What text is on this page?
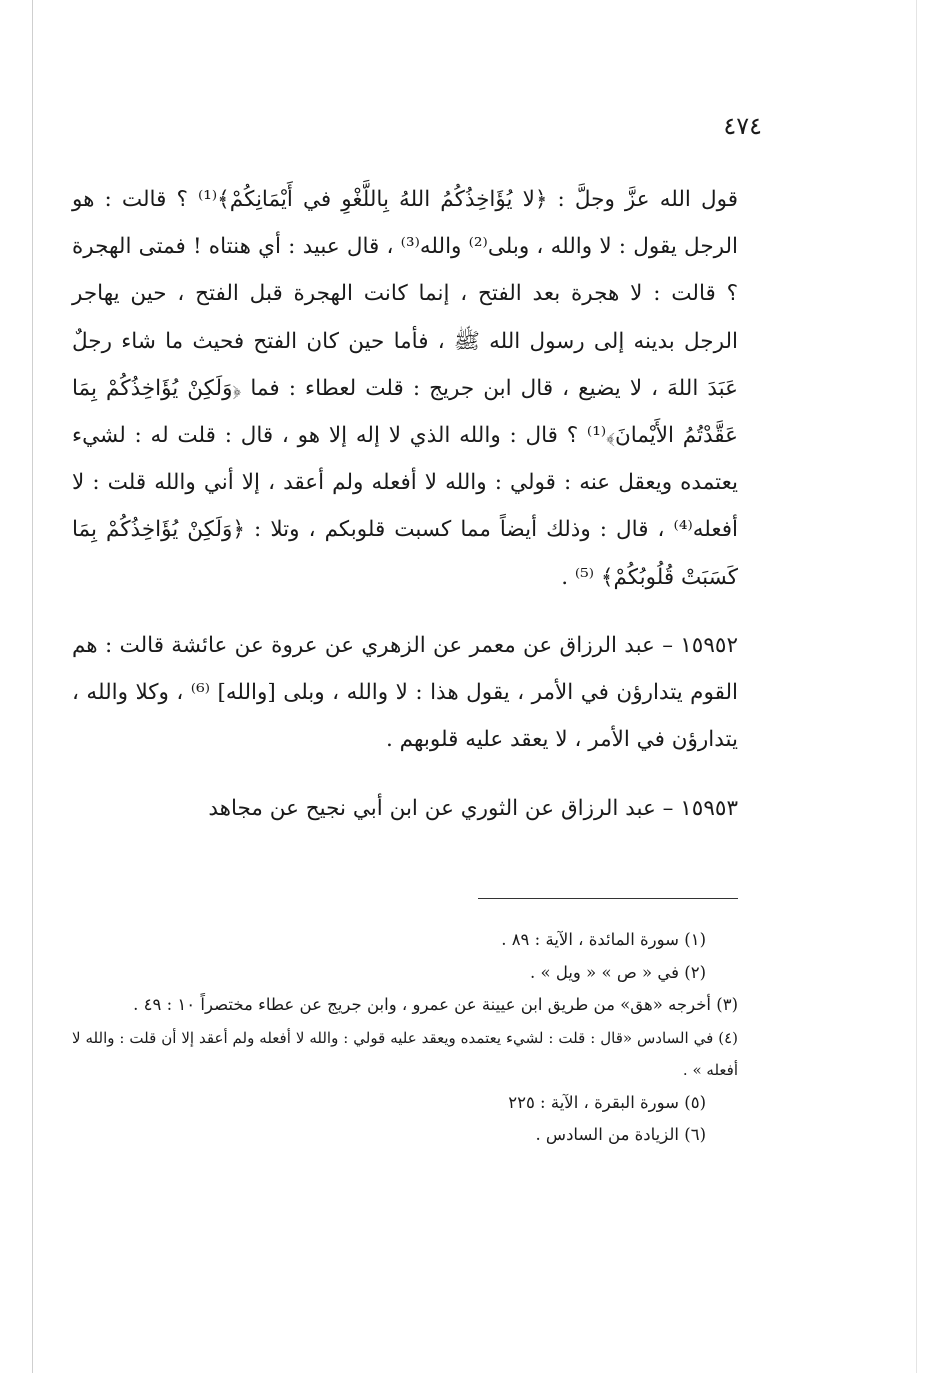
٤٧٤

قول الله عزَّ وجلَّ : ﴿لا يُؤَاخِذُكُمُ اللهُ بِاللَّغْوِ في أَيْمَانِكُمْ﴾⁽¹⁾ ؟ قالت : هو الرجل يقول : لا والله ، وبلى⁽²⁾ والله⁽³⁾ ، قال عبيد : أي هنتاه ! فمتى الهجرة ؟ قالت : لا هجرة بعد الفتح ، إنما كانت الهجرة قبل الفتح ، حين يهاجر الرجل بدينه إلى رسول الله ﷺ ، فأما حين كان الفتح فحيث ما شاء رجلٌ عَبَدَ اللهَ ، لا يضيع ، قال ابن جريج : قلت لعطاء : فما ﴿وَلَكِنْ يُؤَاخِذُكُمْ بِمَا عَقَّدْتُمُ الأَيْمانَ﴾⁽¹⁾ ؟ قال : والله الذي لا إله إلا هو ، قال : قلت له : لشيء يعتمده ويعقل عنه : قولي : والله لا أفعله ولم أعقد ، إلا أني والله قلت : لا أفعله⁽⁴⁾ ، قال : وذلك أيضاً مما كسبت قلوبكم ، وتلا : ﴿وَلَكِنْ يُؤَاخِذُكُمْ بِمَا كَسَبَتْ قُلُوبُكُمْ﴾ ⁽⁵⁾ .

١٥٩٥٢ – عبد الرزاق عن معمر عن الزهري عن عروة عن عائشة قالت : هم القوم يتدارؤن في الأمر ، يقول هذا : لا والله ، وبلى [والله] ⁽⁶⁾ ، وكلا والله ، يتدارؤن في الأمر ، لا يعقد عليه قلوبهم .

١٥٩٥٣ – عبد الرزاق عن الثوري عن ابن أبي نجيح عن مجاهد

(١) سورة المائدة ، الآية : ٨٩ .

(٢) في « ص » « ويل » .

(٣) أخرجه «هق» من طريق ابن عيينة عن عمرو ، وابن جريج عن عطاء مختصراً ١٠ : ٤٩ .

(٤) في السادس «قال : قلت : لشيء يعتمده ويعقد عليه قولي : والله لا أفعله ولم أعقد إلا أن قلت : والله لا أفعله » .

(٥) سورة البقرة ، الآية : ٢٢٥

(٦) الزيادة من السادس .
